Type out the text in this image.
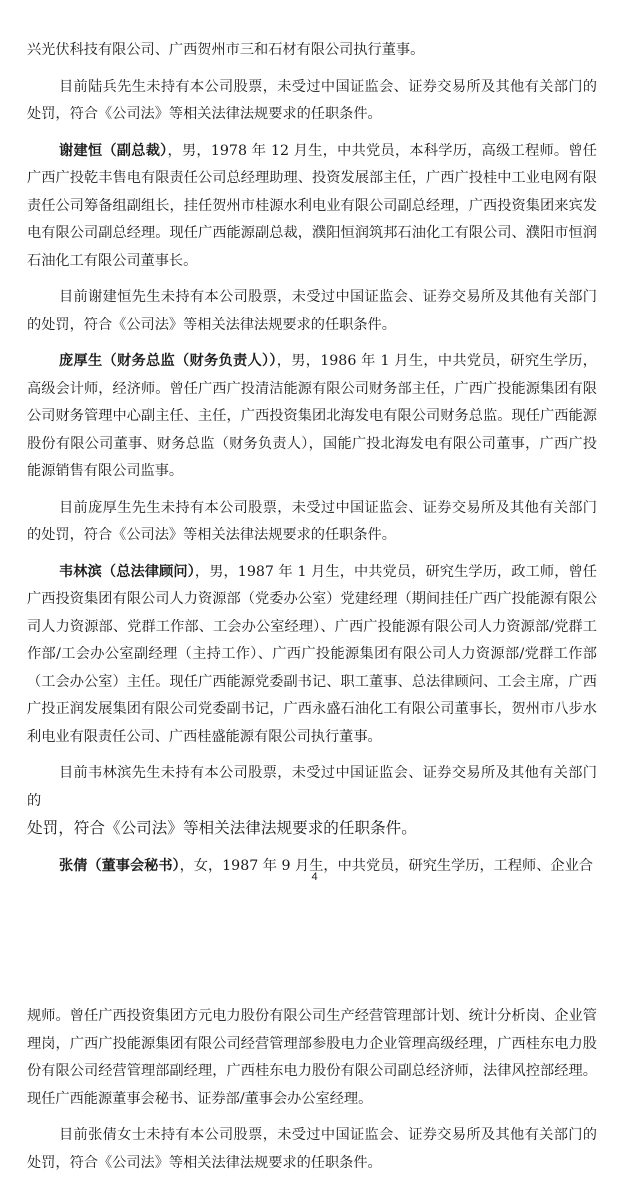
兴光伏科技有限公司、广西贺州市三和石材有限公司执行董事。

目前陆兵先生未持有本公司股票，未受过中国证监会、证券交易所及其他有关部门的处罚，符合《公司法》等相关法律法规要求的任职条件。

谢建恒（副总裁），男，1978 年 12 月生，中共党员，本科学历，高级工程师。曾任广西广投乾丰售电有限责任公司总经理助理、投资发展部主任，广西广投桂中工业电网有限责任公司筹备组副组长，挂任贺州市桂源水利电业有限公司副总经理，广西投资集团来宾发电有限公司副总经理。现任广西能源副总裁，濮阳恒润筑邦石油化工有限公司、濮阳市恒润石油化工有限公司董事长。

目前谢建恒先生未持有本公司股票，未受过中国证监会、证券交易所及其他有关部门的处罚，符合《公司法》等相关法律法规要求的任职条件。

庞厚生（财务总监（财务负责人）），男，1986 年 1 月生，中共党员，研究生学历，高级会计师，经济师。曾任广西广投清洁能源有限公司财务部主任，广西广投能源集团有限公司财务管理中心副主任、主任，广西投资集团北海发电有限公司财务总监。现任广西能源股份有限公司董事、财务总监（财务负责人），国能广投北海发电有限公司董事，广西广投能源销售有限公司监事。

目前庞厚生先生未持有本公司股票，未受过中国证监会、证券交易所及其他有关部门的处罚，符合《公司法》等相关法律法规要求的任职条件。

韦林滨（总法律顾问），男，1987 年 1 月生，中共党员，研究生学历，政工师，曾任广西投资集团有限公司人力资源部（党委办公室）党建经理（期间挂任广西广投能源有限公司人力资源部、党群工作部、工会办公室经理）、广西广投能源有限公司人力资源部/党群工作部/工会办公室副经理（主持工作）、广西广投能源集团有限公司人力资源部/党群工作部（工会办公室）主任。现任广西能源党委副书记、职工董事、总法律顾问、工会主席，广西广投正润发展集团有限公司党委副书记，广西永盛石油化工有限公司董事长，贺州市八步水利电业有限责任公司、广西桂盛能源有限公司执行董事。

目前韦林滨先生未持有本公司股票，未受过中国证监会、证券交易所及其他有关部门的
处罚，符合《公司法》等相关法律法规要求的任职条件。

张倩（董事会秘书），女，1987 年 9 月生，中共党员，研究生学历，工程师、企业合

4

规师。曾任广西投资集团方元电力股份有限公司生产经营管理部计划、统计分析岗、企业管理岗，广西广投能源集团有限公司经营管理部参股电力企业管理高级经理，广西桂东电力股份有限公司经营管理部副经理，广西桂东电力股份有限公司副总经济师，法律风控部经理。现任广西能源董事会秘书、证券部/董事会办公室经理。

目前张倩女士未持有本公司股票，未受过中国证监会、证券交易所及其他有关部门的处罚，符合《公司法》等相关法律法规要求的任职条件。
